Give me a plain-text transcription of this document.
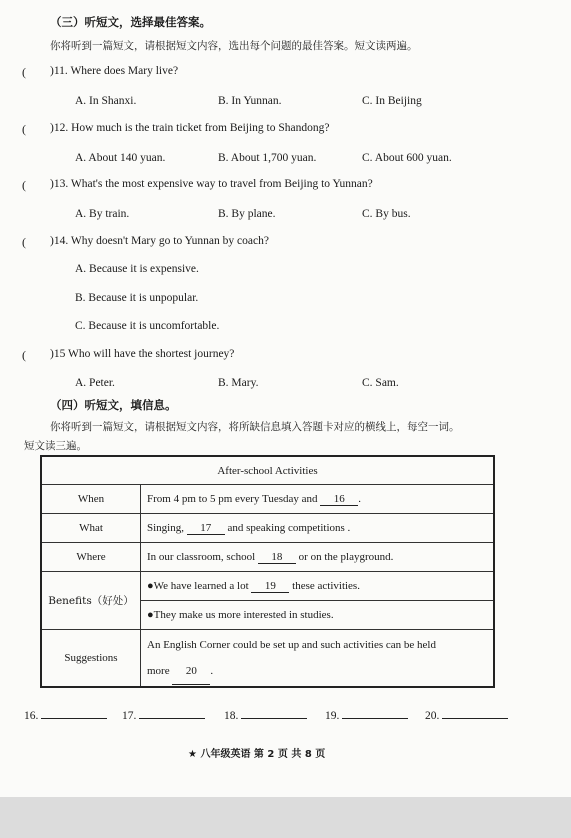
（三）听短文，选择最佳答案。
你将听到一篇短文，请根据短文内容，选出每个问题的最佳答案。短文读两遍。
( )11. Where does Mary live?
A. In Shanxi.	B. In Yunnan.	C. In Beijing
( )12. How much is the train ticket from Beijing to Shandong?
A. About 140 yuan.	B. About 1,700 yuan.	C. About 600 yuan.
( )13. What's the most expensive way to travel from Beijing to Yunnan?
A. By train.	B. By plane.	C. By bus.
( )14. Why doesn't Mary go to Yunnan by coach?
A. Because it is expensive.
B. Because it is unpopular.
C. Because it is uncomfortable.
( )15 Who will have the shortest journey?
A. Peter.	B. Mary.	C. Sam.
（四）听短文，填信息。
你将听到一篇短文，请根据短文内容，将所缺信息填入答题卡对应的横线上，每空一词。
短文读三遍。
After-school Activities	
When	From 4 pm to 5 pm every Tuesday and 16 .
What	Singing, 17 and speaking competitions .
Where	In our classroom, school 18 or on the playground.
Benefits（好处）	●We have learned a lot 19 these activities.
	●They make us more interested in studies.
Suggestions	An English Corner could be set up and such activities can be held
more 20 .
16.	17.	18.	19.	20.
★ 八年级英语 第 2 页 共 8 页
